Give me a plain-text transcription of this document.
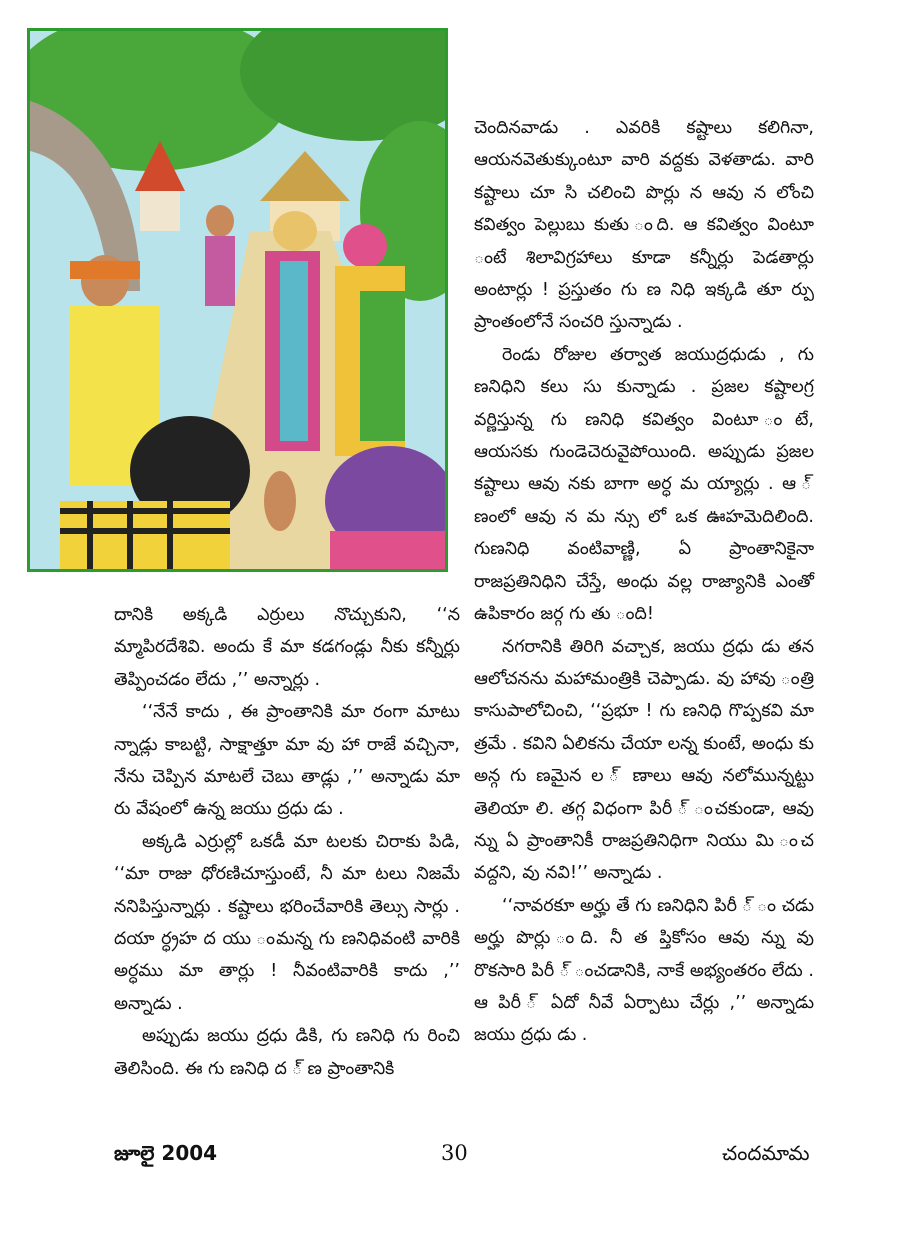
దానికి అక్కడి ఎర్రులు నొచ్చుకుని, ‘‘న మ్మాపిరదేశివి. అందు కే మా కడగండ్లు నీకు కన్నీర్లు తెప్పించడం లేదు ,’’ అన్నార్లు .

‘‘నేనే కాదు , ఈ ప్రాంతానికి మా రంగా మాటు న్నాడ్లు కాబట్టి, సాక్షాత్తూ మా వు హా రాజే వచ్చినా, నేను చెప్పిన మాటలే చెబు తాడ్లు ,’’ అన్నాడు మా రు వేషంలో ఉన్న జయు ద్రధు డు .

అక్కడి ఎర్రుల్లో ఒకడీ మా టలకు చిరాకు పిడి, ‘‘మా రాజు ధోరణిచూస్తుంటే, నీ మా టలు నిజమే ననిపిస్తున్నార్లు . కష్టాలు భరించేవారికి తెల్సు సార్లు . దయా ర్ధ్రహ ద యు ంమన్న గు ణనిధివంటి వారికి అర్ధము మా తార్లు ! నీవంటివారికి కాదు ,’’ అన్నాడు .

అప్పుడు జయు ద్రధు డికి, గు ణనిధి గు రించి తెలిసింది. ఈ గు ణనిధి ద ్ ణ ప్రాంతానికి

చెందినవాడు . ఎవరికి కష్టాలు కలిగినా, ఆయనవెతుక్కుంటూ వారి వద్దకు వెళతాడు. వారి కష్టాలు చూ సి చలించి పొర్లు న ఆవు న లోంచి కవిత్వం పెల్లుబు కుతు ంది. ఆ కవిత్వం వింటూ ంటే శిలావిగ్రహాలు కూడా కన్నీర్లు పెడతార్లు అంటార్లు ! ప్రస్తుతం గు ణ నిధి ఇక్కడి తూ ర్పు ప్రాంతంలోనే సంచరి స్తున్నాడు .

రెండు రోజుల తర్వాత జయుద్రధుడు , గు ణనిధిని కలు సు కున్నాడు . ప్రజల కష్టాలగ్ర వర్ణిస్తున్న గు ణనిధి కవిత్వం వింటూ ంటే, ఆయసకు గుండెచెరువైపోయింది. అప్పుడు ప్రజల కష్టాలు ఆవు నకు బాగా అర్ధ మ య్యార్లు . ఆ ్ ణంలో ఆవు న మ న్సు లో ఒక ఊహమెదిలింది. గుణనిధి వంటివాణ్ణి, ఏ ప్రాంతానికైనా రాజప్రతినిధిని చేస్తే, అంధు వల్ల రాజ్యానికి ఎంతో ఉపికారం జర్గ గు తు ంది!

నగరానికి తిరిగి వచ్చాక, జయు ద్రధు డు తన ఆలోచనను మహామంత్రికి చెప్పాడు. వు హావు ంత్రి కాసుపాలోచించి, ‘‘ప్రభూ ! గు ణనిధి గొప్పకవి మా త్రమే . కవిని ఏలికను చేయా లన్న కుంటే, అంధు కు అన్గ గు ణమైన ల ్ ణాలు ఆవు నలోమున్నట్టు తెలియా లి. తగ్గ విధంగా పిరీ ్ ంచకుండా, ఆవు న్ను ఏ ప్రాంతానికీ రాజప్రతినిధిగా నియు మి ంచ వద్దని, వు నవి!’’ అన్నాడు .

‘‘నావరకూ అర్హు తే గు ణనిధిని పిరీ ్ ం చడు అర్హు పొర్లు ంది. నీ త ప్తికోసం ఆవు న్ను వు రొకసారి పిరీ ్ ంచడానికి, నాకే అభ్యంతరం లేదు . ఆ పిరీ ్ ఏదో నీవే ఏర్పాటు చేర్లు ,’’ అన్నాడు జయు ద్రధు డు .

జూలై 2004	30	చందమామ
